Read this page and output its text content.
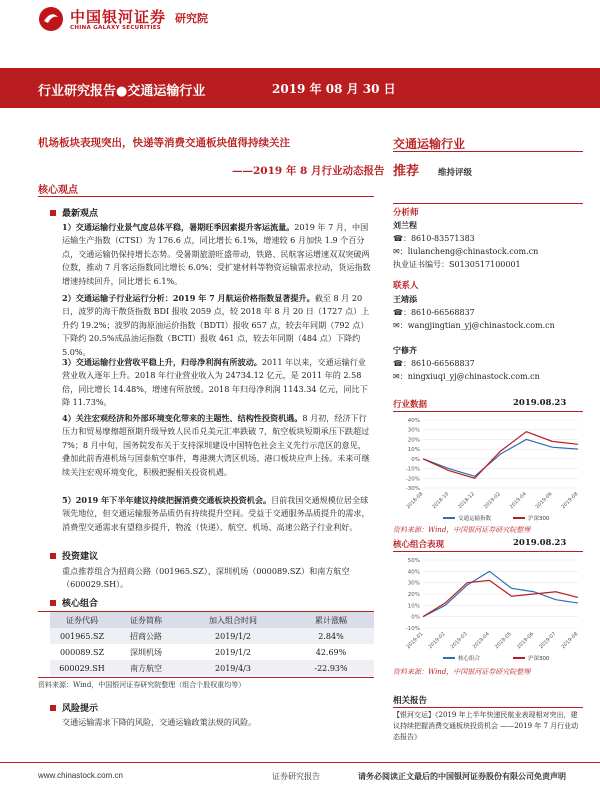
中国银河证券 研究院
CHINA GALAXY SECURITIES
行业研究报告●交通运输行业	2019 年 08 月 30 日
机场板块表现突出，快递等消费交通板块值得持续关注
——2019 年 8 月行业动态报告
核心观点
最新观点
1）交通运输行业景气度总体平稳，暑期旺季因素提升客运流量。2019 年 7 月，中国运输生产指数（CTSI）为 176.6 点，同比增长 6.1%，增速较 6 月加快 1.9 个百分点，交通运输仍保持增长态势。受暑期旅游旺盛带动，铁路、民航客运增速双双突破两位数，推动 7 月客运指数同比增长 6.0%；受扩建材料等物资运输需求拉动，货运指数增速持续回升，同比增长 6.1%。
2）交通运输子行业运行分析：2019 年 7 月航运价格指数显著提升。截至 8 月 20 日，波罗的海干散货指数 BDI 报收 2059 点，较 2018 年 8 月 20 日（1727 点）上升约 19.2%；波罗的海原油运价指数（BDTI）报收 657 点，较去年同期（792 点）下降约 20.5%成品油运指数（BCTI）报收 461 点，较去年同期（484 点）下降约 5.0%。
3）交通运输行业营收平稳上升，归母净利润有所波动。2011 年以来，交通运输行业营业收入逐年上升。2018 年行业营业收入为 24734.12 亿元，是 2011 年的 2.58 倍，同比增长 14.48%，增速有所放缓。2018 年归母净利润 1143.34 亿元，同比下降 11.73%。
4）关注宏观经济和外部环境变化带来的主题性、结构性投资机遇。8 月初，经济下行压力和贸易摩擦超预期升级导致人民币兑美元汇率跌破 7，航空板块短期承压下跌超过 7%；8 月中旬，国务院发布关于支持深圳建设中国特色社会主义先行示范区的意见，叠加此前香港机场与国泰航空事件，粤港澳大湾区机场、港口板块应声上扬。未来可继续关注宏观环境变化，积极把握相关投资机遇。
5）2019 年下半年建议持续把握消费交通板块投资机会。目前我国交通规模位居全球领先地位，但交通运输服务品质仍有持续提升空间。受益于交通服务品质提升的需求，消费型交通需求有望稳步提升，物流（快递）、航空、机场、高速公路子行业利好。
投资建议
重点推荐组合为招商公路（001965.SZ）、深圳机场（000089.SZ）和南方航空（600029.SH）。
核心组合
证券代码	证券简称	加入组合时间	累计涨幅
001965.SZ	招商公路	2019/1/2	2.84%
000089.SZ	深圳机场	2019/1/2	42.69%
600029.SH	南方航空	2019/4/3	-22.93%
资料来源：Wind，中国银河证券研究院整理（组合个股权重均等）
风险提示
交通运输需求下降的风险，交通运输政策法规的风险。
交通运输行业
推荐 维持评级
分析师
刘兰程
☎：8610-83571383
✉：liulancheng@chinastock.com.cn
执业证书编号：S0130517100001
联系人
王靖添
☎：8610-66568837
✉：wangjingtian_yj@chinastock.com.cn
宁修齐
☎：8610-66568837
✉：ningxiuqi_yj@chinastock.com.cn
行业数据	2019.08.23
40%
30%
20%
10%
0%
-10%
-20%
-30%
2018-08 2018-10 2018-12 2019-02 2019-04 2019-06 2019-08
交通运输指数	沪深300
资料来源：Wind，中国银河证券研究院整理
核心组合表现	2019.08.23
50%
40%
30%
20%
10%
0%
-10%
2019-01 2019-02 2019-03 2019-04 2019-05 2019-06 2019-07 2019-08
核心组合	沪深300
资料来源：Wind，中国银河证券研究院整理
相关报告
【银河交运】《2019 年上半年快递民航业表现相对突出，建议持续把握消费交通板块投资机会 ——2019 年 7 月行业动态报告》
www.chinastock.com.cn	证券研究报告	请务必阅读正文最后的中国银河证券股份有限公司免责声明
